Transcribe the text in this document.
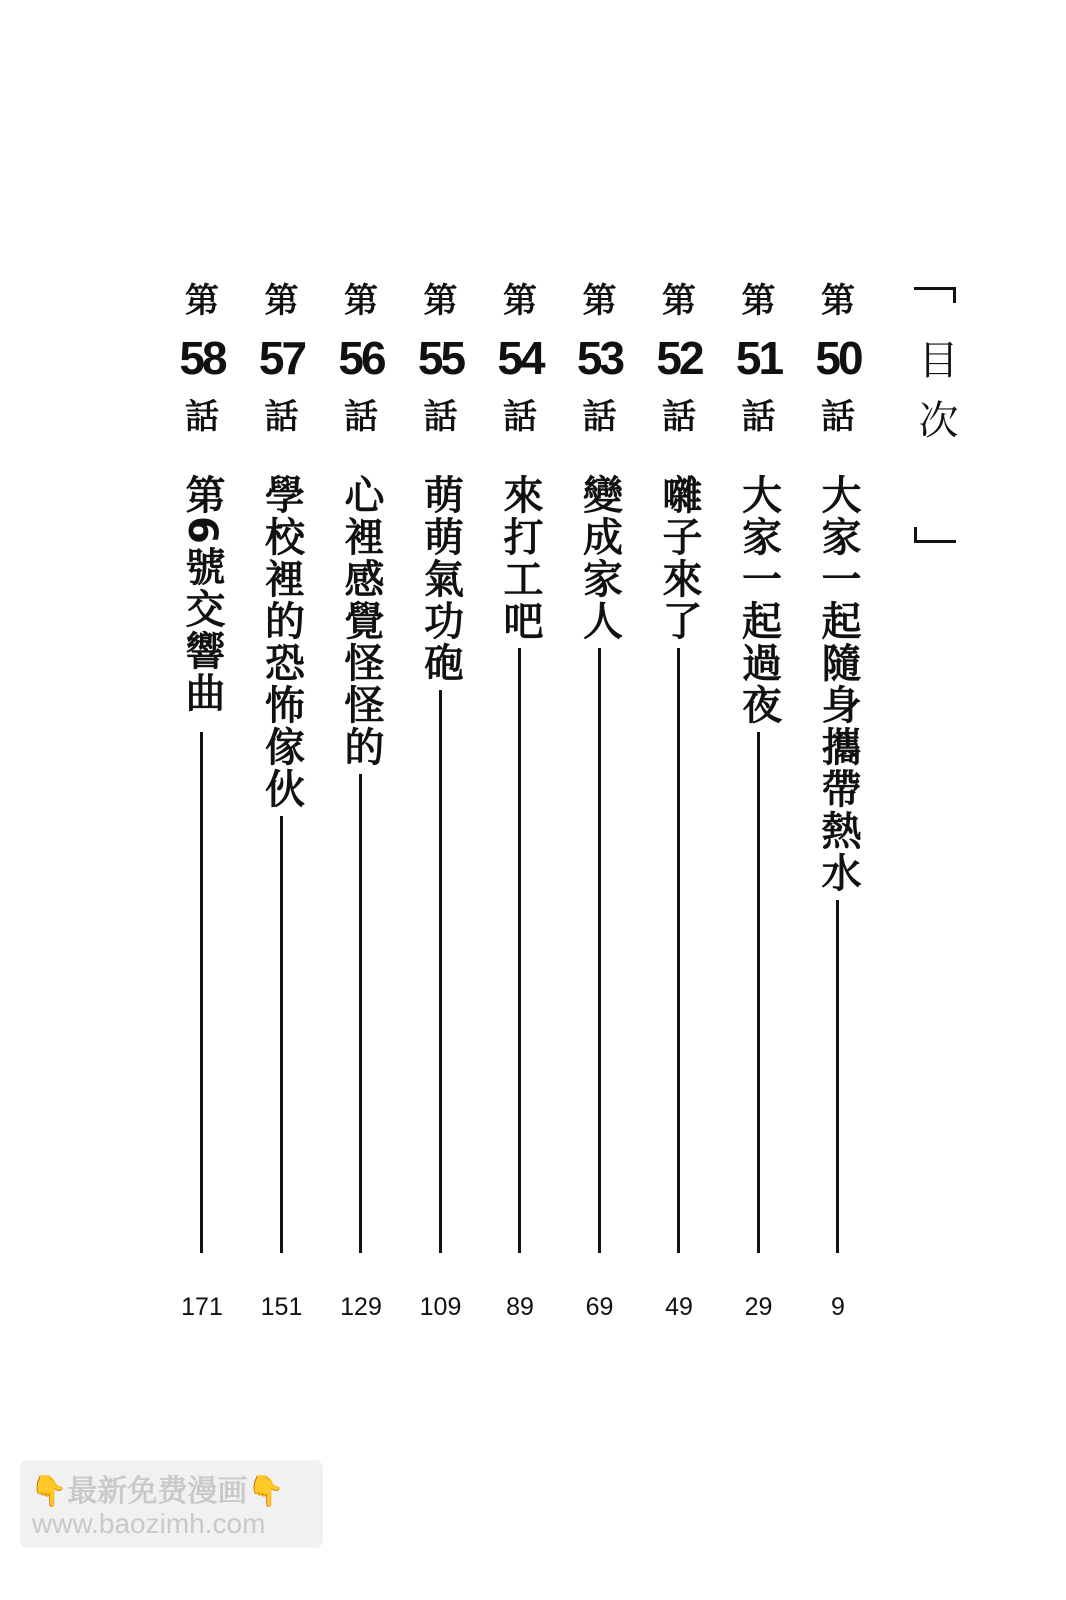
目次
第
50
話
大家一起隨身攜帶熱水
9
第
51
話
大家一起過夜
29
第
52
話
囃子來了
49
第
53
話
變成家人
69
第
54
話
來打工吧
89
第
55
話
萌萌氣功砲
109
第
56
話
心裡感覺怪怪的
129
第
57
話
學校裡的恐怖傢伙
151
第
58
話
第6號交響曲
171
👇最新免费漫画👇
www.baozimh.com
